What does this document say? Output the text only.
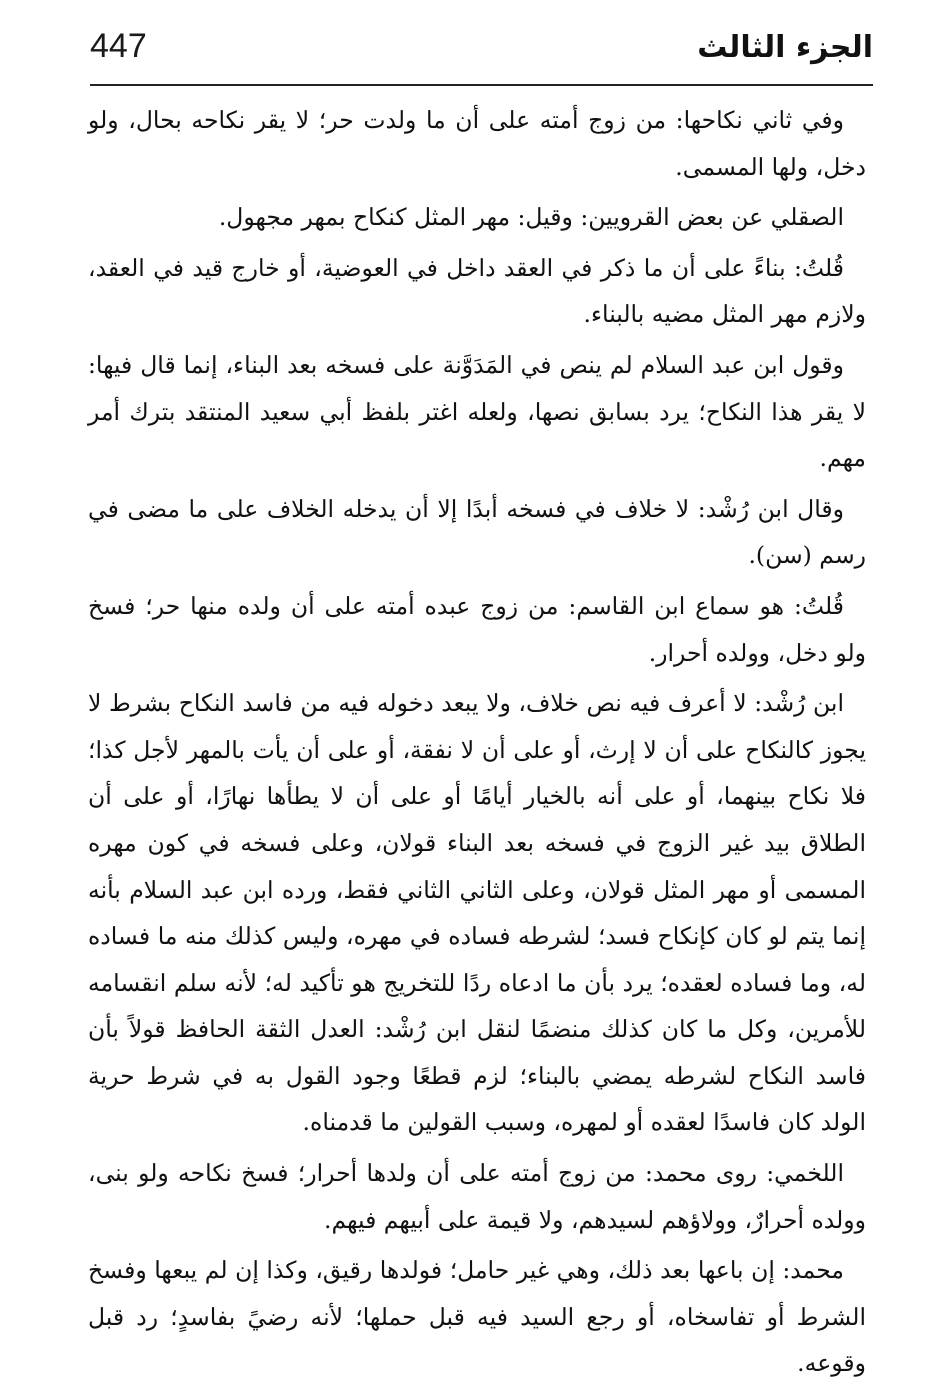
447	الجزء الثالث

وفي ثاني نكاحها: من زوج أمته على أن ما ولدت حر؛ لا يقر نكاحه بحال، ولو دخل، ولها المسمى.

الصقلي عن بعض القرويين: وقيل: مهر المثل كنكاح بمهر مجهول.

قُلتُ: بناءً على أن ما ذكر في العقد داخل في العوضية، أو خارج قيد في العقد، ولازم مهر المثل مضيه بالبناء.

وقول ابن عبد السلام لم ينص في المَدَوَّنة على فسخه بعد البناء، إنما قال فيها: لا يقر هذا النكاح؛ يرد بسابق نصها، ولعله اغتر بلفظ أبي سعيد المنتقد بترك أمر مهم.

وقال ابن رُشْد: لا خلاف في فسخه أبدًا إلا أن يدخله الخلاف على ما مضى في رسم (سن).

قُلتُ: هو سماع ابن القاسم: من زوج عبده أمته على أن ولده منها حر؛ فسخ ولو دخل، وولده أحرار.

ابن رُشْد: لا أعرف فيه نص خلاف، ولا يبعد دخوله فيه من فاسد النكاح بشرط لا يجوز كالنكاح على أن لا إرث، أو على أن لا نفقة، أو على أن يأت بالمهر لأجل كذا؛ فلا نكاح بينهما، أو على أنه بالخيار أيامًا أو على أن لا يطأها نهارًا، أو على أن الطلاق بيد غير الزوج في فسخه بعد البناء قولان، وعلى فسخه في كون مهره المسمى أو مهر المثل قولان، وعلى الثاني الثاني فقط، ورده ابن عبد السلام بأنه إنما يتم لو كان كإنكاح فسد؛ لشرطه فساده في مهره، وليس كذلك منه ما فساده له، وما فساده لعقده؛ يرد بأن ما ادعاه ردًا للتخريج هو تأكيد له؛ لأنه سلم انقسامه للأمرين، وكل ما كان كذلك منضمًا لنقل ابن رُشْد: العدل الثقة الحافظ قولاً بأن فاسد النكاح لشرطه يمضي بالبناء؛ لزم قطعًا وجود القول به في شرط حرية الولد كان فاسدًا لعقده أو لمهره، وسبب القولين ما قدمناه.

اللخمي: روى محمد: من زوج أمته على أن ولدها أحرار؛ فسخ نكاحه ولو بنى، وولده أحرارٌ، وولاؤهم لسيدهم، ولا قيمة على أبيهم فيهم.

محمد: إن باعها بعد ذلك، وهي غير حامل؛ فولدها رقيق، وكذا إن لم يبعها وفسخ الشرط أو تفاسخاه، أو رجع السيد فيه قبل حملها؛ لأنه رضيً بفاسدٍ؛ رد قبل وقوعه.
